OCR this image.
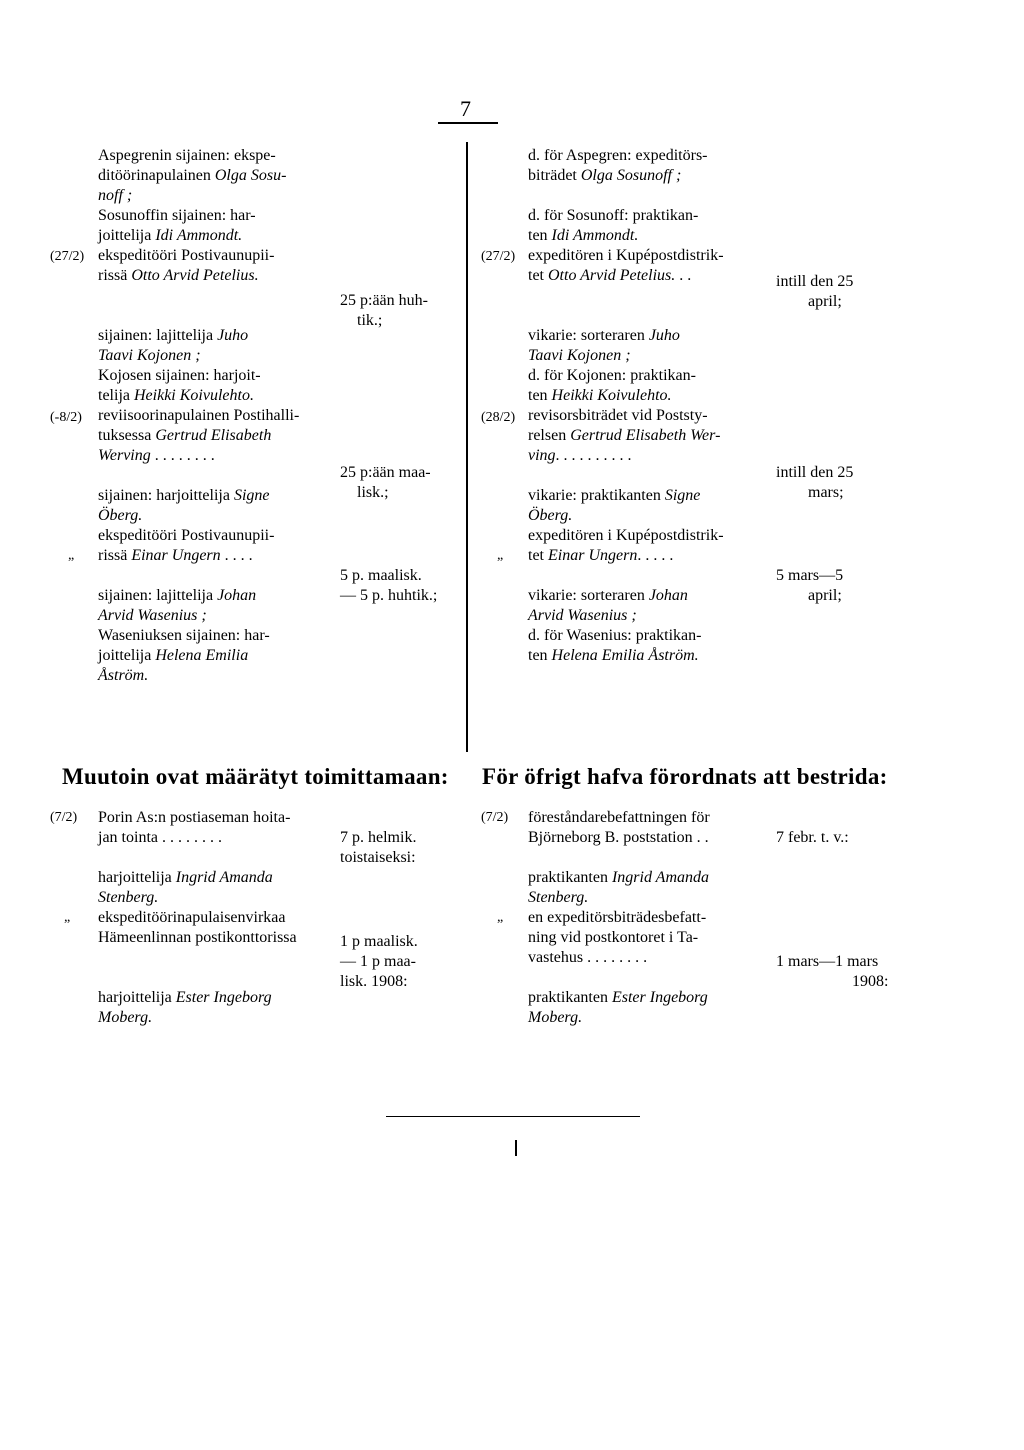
7
Aspegrenin sijainen: ekspe-
ditöörinapulainen Olga Sosu-
noff ;
Sosunoffin sijainen: har-
joittelija Idi Ammondt.
ekspeditööri Postivaunupii-
rissä Otto Arvid Petelius.

sijainen: lajittelija Juho
Taavi Kojonen ;
Kojosen sijainen: harjoit-
telija Heikki Koivulehto.
reviisoorinapulainen Postihalli-
tuksessa Gertrud Elisabeth
Werving . . . . . . . .

sijainen: harjoittelija Signe
Öberg.
ekspeditööri Postivaunupii-
rissä Einar Ungern . . . .

sijainen: lajittelija Johan
Arvid Wasenius ;
Waseniuksen sijainen: har-
joittelija Helena Emilia
Åström.
(27/2)
(-8/2)
„
25 p:ään huh-
tik.;
25 p:ään maa-
lisk.;
5 p. maalisk.
— 5 p. huhtik.;
d. för Aspegren: expeditörs-
biträdet Olga Sosunoff ;

d. för Sosunoff: praktikan-
ten Idi Ammondt.
expeditören i Kupépostdistrik-
tet Otto Arvid Petelius. . .

vikarie: sorteraren Juho
Taavi Kojonen ;
d. för Kojonen: praktikan-
ten Heikki Koivulehto.
revisorsbiträdet vid Poststy-
relsen Gertrud Elisabeth Wer-
ving. . . . . . . . . .

vikarie: praktikanten Signe
Öberg.
expeditören i Kupépostdistrik-
tet Einar Ungern. . . . .

vikarie: sorteraren Johan
Arvid Wasenius ;
d. för Wasenius: praktikan-
ten Helena Emilia Åström.
(27/2)
(28/2)
„
intill den 25
april;
intill den 25
mars;
5 mars—5
april;
Muutoin ovat määrätyt toimittamaan: För öfrigt hafva förordnats att bestrida:
Porin As:n postiaseman hoita-
jan tointa . . . . . . . .

harjoittelija Ingrid Amanda
Stenberg.
ekspeditöörinapulaisenvirkaa
Hämeenlinnan postikonttorissa

harjoittelija Ester Ingeborg
Moberg.
(7/2)
„
7 p. helmik.
toistaiseksi:
1 p maalisk.
— 1 p maa-
lisk. 1908:
föreståndarebefattningen för
Björneborg B. poststation . .

praktikanten Ingrid Amanda
Stenberg.
en expeditörsbiträdesbefatt-
ning vid postkontoret i Ta-
vastehus . . . . . . . .

praktikanten Ester Ingeborg
Moberg.
(7/2)
„
7 febr. t. v.:
1 mars—1 mars
1908:
